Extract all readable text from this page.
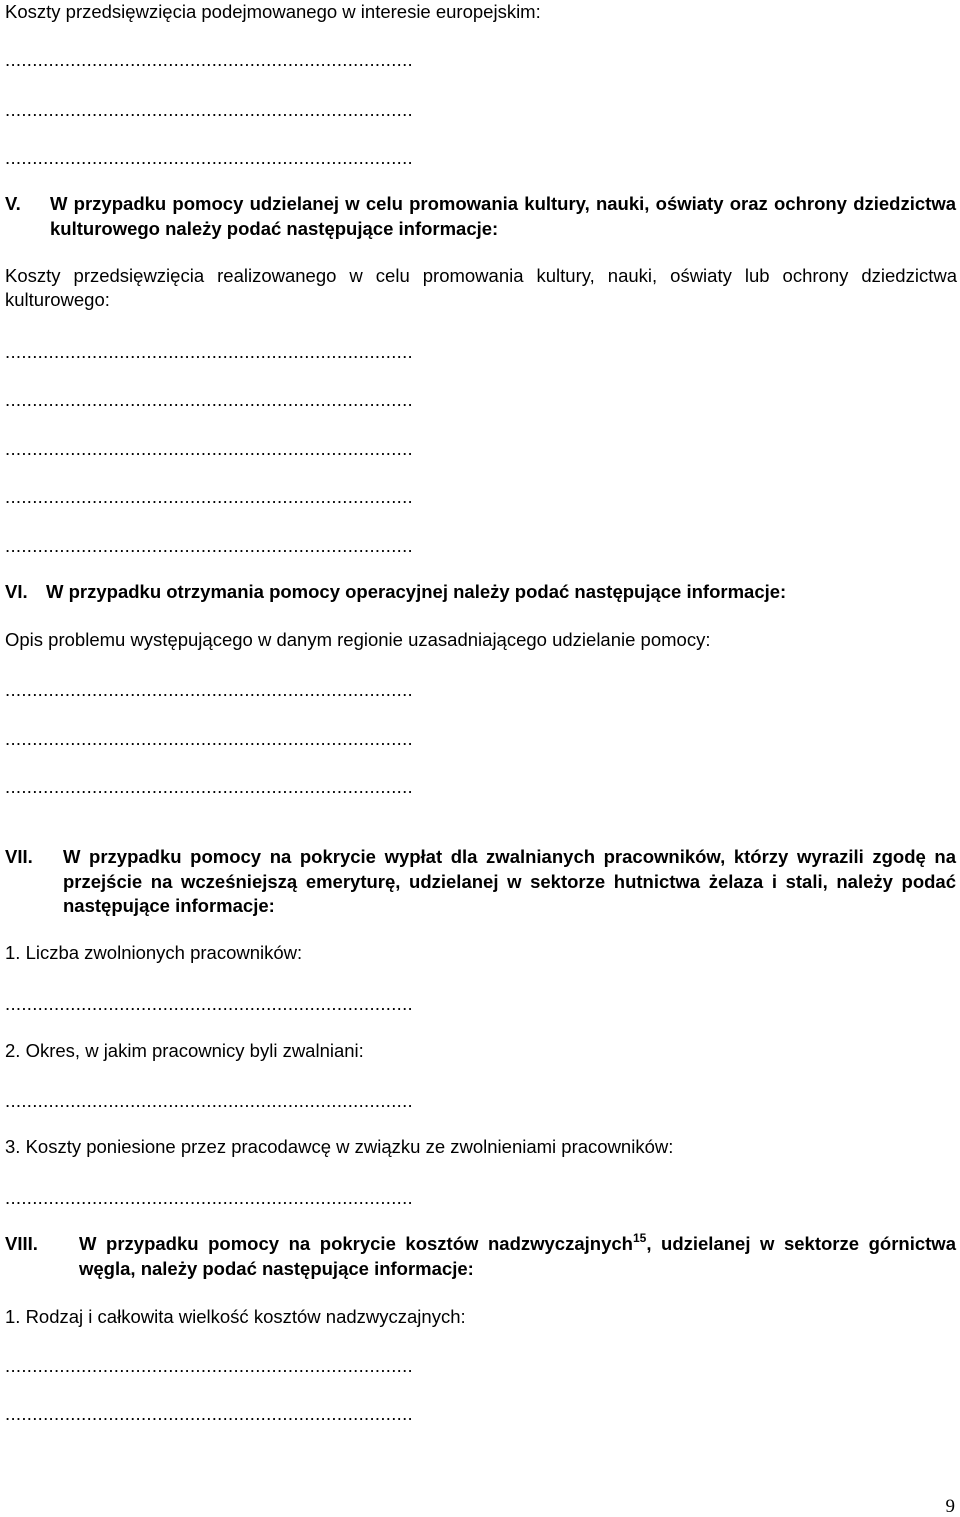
Koszty przedsięwzięcia podejmowanego w interesie europejskim:
...........................................................................
...........................................................................
...........................................................................
V. W przypadku pomocy udzielanej w celu promowania kultury, nauki, oświaty oraz ochrony dziedzictwa kulturowego należy podać następujące informacje:
Koszty przedsięwzięcia realizowanego w celu promowania kultury, nauki, oświaty lub ochrony dziedzictwa kulturowego:
...........................................................................
...........................................................................
...........................................................................
...........................................................................
...........................................................................
VI. W przypadku otrzymania pomocy operacyjnej należy podać następujące informacje:
Opis problemu występującego w danym regionie uzasadniającego udzielanie pomocy:
...........................................................................
...........................................................................
...........................................................................
VII. W przypadku pomocy na pokrycie wypłat dla zwalnianych pracowników, którzy wyrazili zgodę na przejście na wcześniejszą emeryturę, udzielanej w sektorze hutnictwa żelaza i stali, należy podać następujące informacje:
1. Liczba zwolnionych pracowników:
...........................................................................
2. Okres, w jakim pracownicy byli zwalniani:
...........................................................................
3. Koszty poniesione przez pracodawcę w związku ze zwolnieniami pracowników:
...........................................................................
VIII. W przypadku pomocy na pokrycie kosztów nadzwyczajnych$^{15}$, udzielanej w sektorze górnictwa węgla, należy podać następujące informacje:
1. Rodzaj i całkowita wielkość kosztów nadzwyczajnych:
...........................................................................
...........................................................................
9
